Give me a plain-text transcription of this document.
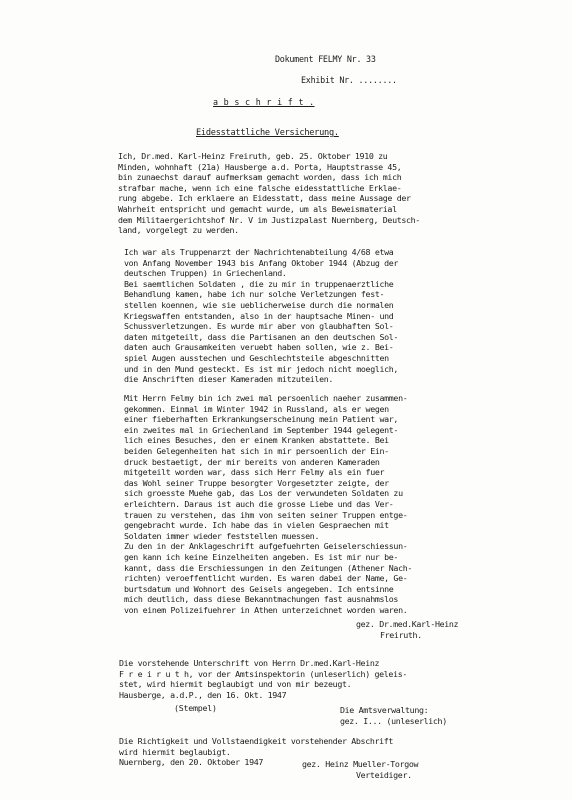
Dokument FELMY Nr. 33
Exhibit Nr. ........
a b s c h r i f t .
Eidesstattliche Versicherung.
Ich, Dr.med. Karl-Heinz Freiruth, geb. 25. Oktober 1910 zu
Minden, wohnhaft (21a) Hausberge a.d. Porta, Hauptstrasse 45,
bin zunaechst darauf aufmerksam gemacht worden, dass ich mich
strafbar mache, wenn ich eine falsche eidesstattliche Erklae-
rung abgebe. Ich erklaere an Eidesstatt, dass meine Aussage der
Wahrheit entspricht und gemacht wurde, um als Beweismaterial
dem Militaergerichtshof Nr. V im Justizpalast Nuernberg, Deutsch-
land, vorgelegt zu werden.
Ich war als Truppenarzt der Nachrichtenabteilung 4/68 etwa
von Anfang November 1943 bis Anfang Oktober 1944 (Abzug der
deutschen Truppen) in Griechenland.
Bei saemtlichen Soldaten , die zu mir in truppenaerztliche
Behandlung kamen, habe ich nur solche Verletzungen fest-
stellen koennen, wie sie ueblicherweise durch die normalen
Kriegswaffen entstanden, also in der hauptsache Minen- und
Schussverletzungen. Es wurde mir aber von glaubhaften Sol-
daten mitgeteilt, dass die Partisanen an den deutschen Sol-
daten auch Grausamkeiten veruebt haben sollen, wie z. Bei-
spiel Augen ausstechen und Geschlechtsteile abgeschnitten
und in den Mund gesteckt. Es ist mir jedoch nicht moeglich,
die Anschriften dieser Kameraden mitzuteilen.
Mit Herrn Felmy bin ich zwei mal persoenlich naeher zusammen-
gekommen. Einmal im Winter 1942 in Russland, als er wegen
einer fieberhaften Erkrankungserscheinung mein Patient war,
ein zweites mal in Griechenland im September 1944 gelegent-
lich eines Besuches, den er einem Kranken abstattete. Bei
beiden Gelegenheiten hat sich in mir persoenlich der Ein-
druck bestaetigt, der mir bereits von anderen Kameraden
mitgeteilt worden war, dass sich Herr Felmy als ein fuer
das Wohl seiner Truppe besorgter Vorgesetzter zeigte, der
sich groesste Muehe gab, das Los der verwundeten Soldaten zu
erleichtern. Daraus ist auch die grosse Liebe und das Ver-
trauen zu verstehen, das ihm von seiten seiner Truppen entge-
gengebracht wurde. Ich habe das in vielen Gespraechen mit
Soldaten immer wieder feststellen muessen.
Zu den in der Anklageschrift aufgefuehrten Geiselerschiessun-
gen kann ich keine Einzelheiten angeben. Es ist mir nur be-
kannt, dass die Erschiessungen in den Zeitungen (Athener Nach-
richten) veroeffentlicht wurden. Es waren dabei der Name, Ge-
burtsdatum und Wohnort des Geisels angegeben. Ich entsinne
mich deutlich, dass diese Bekanntmachungen fast ausnahmslos
von einem Polizeifuehrer in Athen unterzeichnet worden waren.
gez. Dr.med.Karl-Heinz
Freiruth.
Die vorstehende Unterschrift von Herrn Dr.med.Karl-Heinz
F r e i r u t h, vor der Amtsinspektorin (unleserlich) geleis-
stet, wird hiermit beglaubigt und von mir bezeugt.
Hausberge, a.d.P., den 16. Okt. 1947
(Stempel)	Die Amtsverwaltung:
gez. I... (unleserlich)
Die Richtigkeit und Vollstaendigkeit vorstehender Abschrift
wird hiermit beglaubigt.
Nuernberg, den 20. Oktober 1947	gez. Heinz Mueller-Torgow
Verteidiger.
